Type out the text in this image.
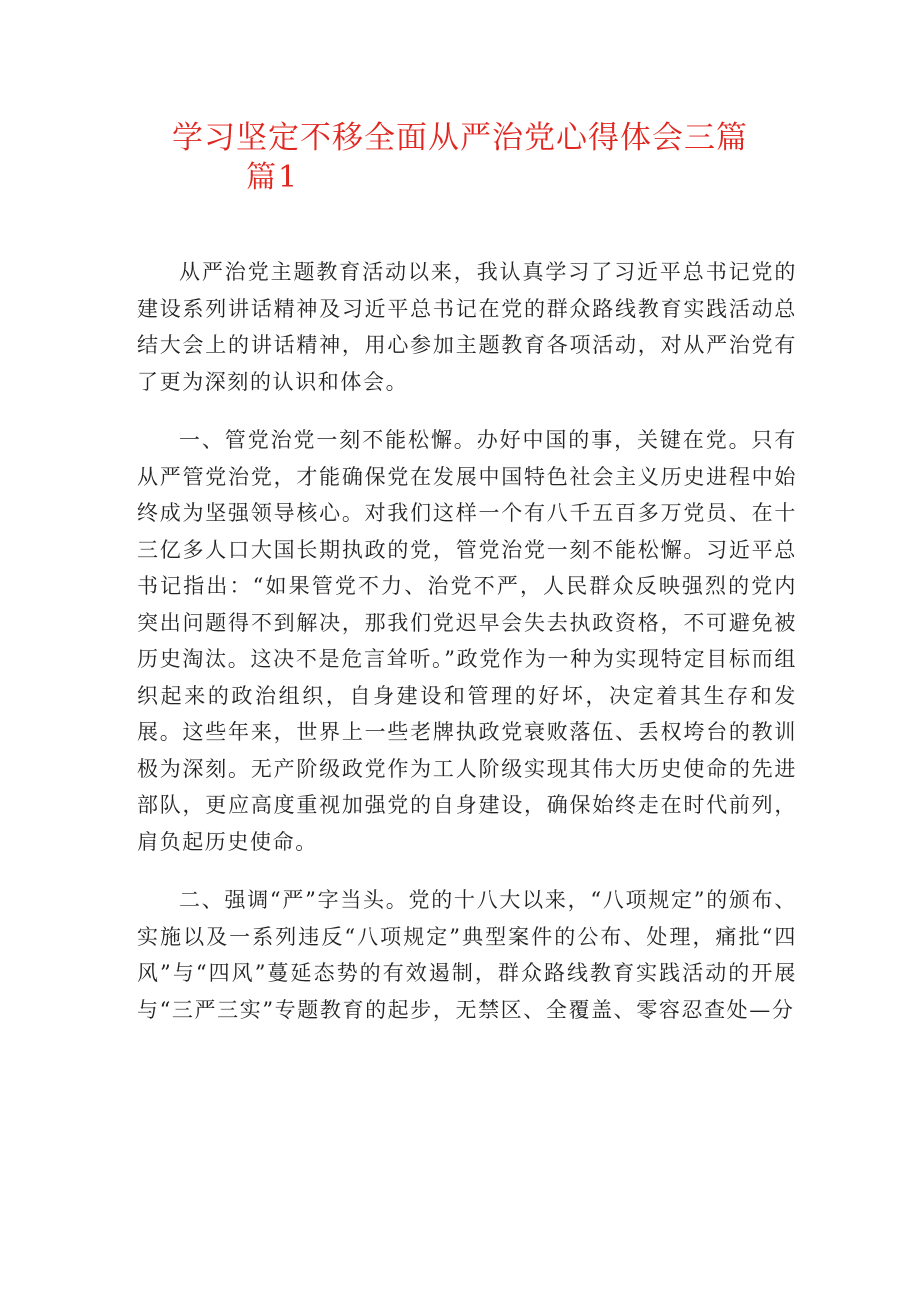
学习坚定不移全面从严治党心得体会三篇
篇1

从严治党主题教育活动以来，我认真学习了习近平总书记党的建设系列讲话精神及习近平总书记在党的群众路线教育实践活动总结大会上的讲话精神，用心参加主题教育各项活动，对从严治党有了更为深刻的认识和体会。

一、管党治党一刻不能松懈。办好中国的事，关键在党。只有从严管党治党，才能确保党在发展中国特色社会主义历史进程中始终成为坚强领导核心。对我们这样一个有八千五百多万党员、在十三亿多人口大国长期执政的党，管党治党一刻不能松懈。习近平总书记指出：“如果管党不力、治党不严，人民群众反映强烈的党内突出问题得不到解决，那我们党迟早会失去执政资格，不可避免被历史淘汰。这决不是危言耸听。”政党作为一种为实现特定目标而组织起来的政治组织，自身建设和管理的好坏，决定着其生存和发展。这些年来，世界上一些老牌执政党衰败落伍、丢权垮台的教训极为深刻。无产阶级政党作为工人阶级实现其伟大历史使命的先进部队，更应高度重视加强党的自身建设，确保始终走在时代前列，肩负起历史使命。

二、强调“严”字当头。党的十八大以来，“八项规定”的颁布、实施以及一系列违反“八项规定”典型案件的公布、处理，痛批“四风”与“四风”蔓延态势的有效遏制，群众路线教育实践活动的开展与“三严三实”专题教育的起步，无禁区、全覆盖、零容忍查处—分
